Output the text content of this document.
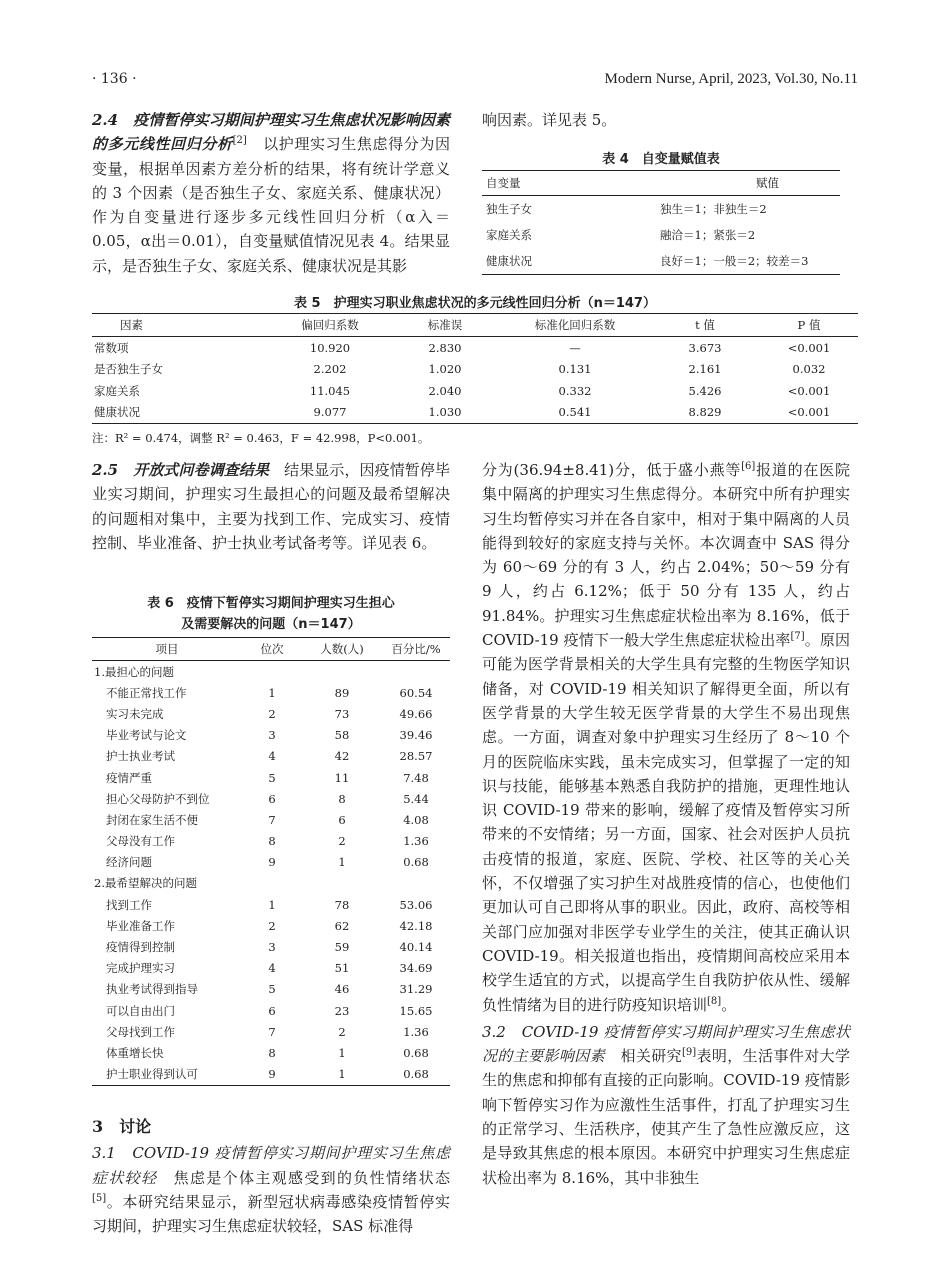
· 136 ·	Modern Nurse, April, 2023, Vol.30, No.11

2.4　疫情暂停实习期间护理实习生焦虑状况影响因素的多元线性回归分析[2]　 以护理实习生焦虑得分为因变量，根据单因素方差分析的结果，将有统计学意义的 3 个因素（是否独生子女、家庭关系、健康状况）作为自变量进行逐步多元线性回归分析（α入＝0.05，α出＝0.01），自变量赋值情况见表 4。结果显示，是否独生子女、家庭关系、健康状况是其影

响因素。详见表 5。

表 4　自变量赋值表
自变量	赋值
独生子女	独生＝1；非独生＝2
家庭关系	融洽＝1；紧张＝2
健康状况	良好＝1；一般＝2；较差＝3
表 5　护理实习职业焦虑状况的多元线性回归分析（n＝147）
因素	偏回归系数	标准误	标准化回归系数	t 值	P 值
常数项	10.920	2.830	—	3.673	<0.001
是否独生子女	2.202	1.020	0.131	2.161	0.032
家庭关系	11.045	2.040	0.332	5.426	<0.001
健康状况	9.077	1.030	0.541	8.829	<0.001
注：R² = 0.474，调整 R² = 0.463，F = 42.998，P<0.001。

2.5　开放式问卷调查结果　 结果显示，因疫情暂停毕业实习期间，护理实习生最担心的问题及最希望解决的问题相对集中，主要为找到工作、完成实习、疫情控制、毕业准备、护士执业考试备考等。详见表 6。

表 6　疫情下暂停实习期间护理实习生担心
及需要解决的问题（n＝147）
项目	位次	人数(人)	百分比/%
1.最担心的问题			
不能正常找工作	1	89	60.54
实习未完成	2	73	49.66
毕业考试与论文	3	58	39.46
护士执业考试	4	42	28.57
疫情严重	5	11	7.48
担心父母防护不到位	6	8	5.44
封闭在家生活不便	7	6	4.08
父母没有工作	8	2	1.36
经济问题	9	1	0.68
2.最希望解决的问题			
找到工作	1	78	53.06
毕业准备工作	2	62	42.18
疫情得到控制	3	59	40.14
完成护理实习	4	51	34.69
执业考试得到指导	5	46	31.29
可以自由出门	6	23	15.65
父母找到工作	7	2	1.36
体重增长快	8	1	0.68
护士职业得到认可	9	1	0.68
3　讨论

3.1　COVID-19 疫情暂停实习期间护理实习生焦虑症状较轻　 焦虑是个体主观感受到的负性情绪状态[5]。本研究结果显示，新型冠状病毒感染疫情暂停实习期间，护理实习生焦虑症状较轻，SAS 标准得

分为(36.94±8.41)分，低于盛小燕等[6]报道的在医院集中隔离的护理实习生焦虑得分。本研究中所有护理实习生均暂停实习并在各自家中，相对于集中隔离的人员能得到较好的家庭支持与关怀。本次调查中 SAS 得分为 60～69 分的有 3 人，约占 2.04%；50～59 分有 9 人，约占 6.12%；低于 50 分有 135 人，约占 91.84%。护理实习生焦虑症状检出率为 8.16%，低于 COVID-19 疫情下一般大学生焦虑症状检出率[7]。原因可能为医学背景相关的大学生具有完整的生物医学知识储备，对 COVID-19 相关知识了解得更全面，所以有医学背景的大学生较无医学背景的大学生不易出现焦虑。一方面，调查对象中护理实习生经历了 8～10 个月的医院临床实践，虽未完成实习，但掌握了一定的知识与技能，能够基本熟悉自我防护的措施，更理性地认识 COVID-19 带来的影响，缓解了疫情及暂停实习所带来的不安情绪；另一方面，国家、社会对医护人员抗击疫情的报道，家庭、医院、学校、社区等的关心关怀，不仅增强了实习护生对战胜疫情的信心，也使他们更加认可自己即将从事的职业。因此，政府、高校等相关部门应加强对非医学专业学生的关注，使其正确认识 COVID-19。相关报道也指出，疫情期间高校应采用本校学生适宜的方式，以提高学生自我防护依从性、缓解负性情绪为目的进行防疫知识培训[8]。

3.2　COVID-19 疫情暂停实习期间护理实习生焦虑状况的主要影响因素　 相关研究[9]表明，生活事件对大学生的焦虑和抑郁有直接的正向影响。COVID-19 疫情影响下暂停实习作为应激性生活事件，打乱了护理实习生的正常学习、生活秩序，使其产生了急性应激反应，这是导致其焦虑的根本原因。本研究中护理实习生焦虑症状检出率为 8.16%，其中非独生
